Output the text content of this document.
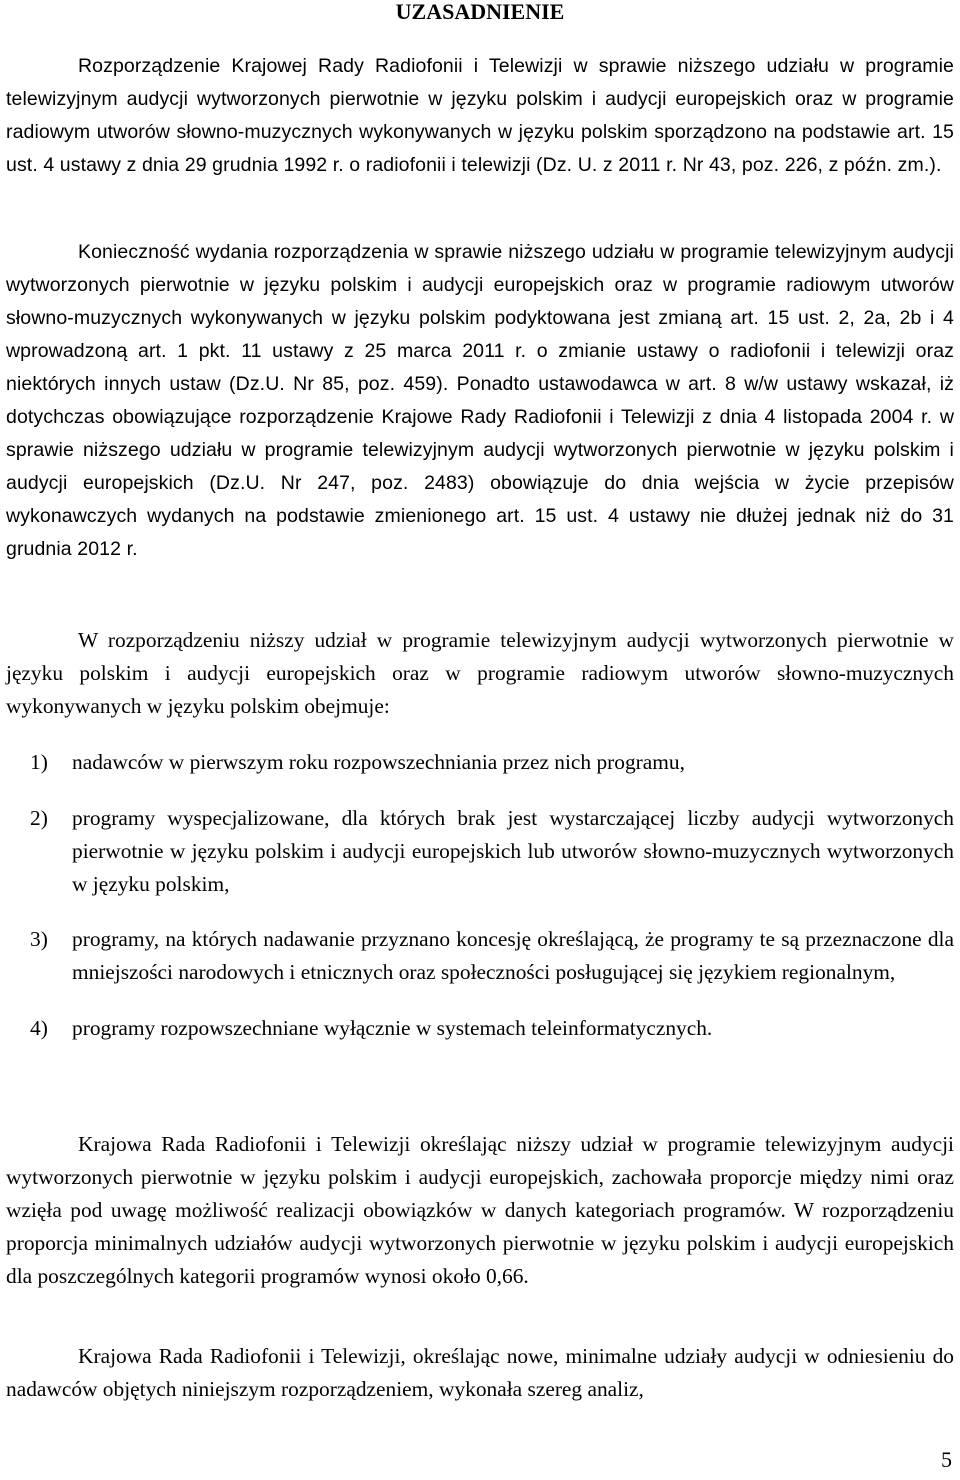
UZASADNIENIE

Rozporządzenie Krajowej Rady Radiofonii i Telewizji w sprawie niższego udziału w programie telewizyjnym audycji wytworzonych pierwotnie w języku polskim i audycji europejskich oraz w programie radiowym utworów słowno-muzycznych wykonywanych w języku polskim sporządzono na podstawie art. 15 ust. 4 ustawy z dnia 29 grudnia 1992 r. o radiofonii i telewizji (Dz. U. z 2011 r. Nr 43, poz. 226, z późn. zm.).

Konieczność wydania rozporządzenia w sprawie niższego udziału w programie telewizyjnym audycji wytworzonych pierwotnie w języku polskim i audycji europejskich oraz w programie radiowym utworów słowno-muzycznych wykonywanych w języku polskim podyktowana jest zmianą art. 15 ust. 2, 2a, 2b i 4 wprowadzoną art. 1 pkt. 11 ustawy z 25 marca 2011 r. o zmianie ustawy o radiofonii i telewizji oraz niektórych innych ustaw (Dz.U. Nr 85, poz. 459). Ponadto ustawodawca w art. 8 w/w ustawy wskazał, iż dotychczas obowiązujące rozporządzenie Krajowe Rady Radiofonii i Telewizji z dnia 4 listopada 2004 r. w sprawie niższego udziału w programie telewizyjnym audycji wytworzonych pierwotnie w języku polskim i audycji europejskich (Dz.U. Nr 247, poz. 2483) obowiązuje do dnia wejścia w życie przepisów wykonawczych wydanych na podstawie zmienionego art. 15 ust. 4 ustawy nie dłużej jednak niż do 31 grudnia 2012 r.

W rozporządzeniu niższy udział w programie telewizyjnym audycji wytworzonych pierwotnie w języku polskim i audycji europejskich oraz w programie radiowym utworów słowno-muzycznych wykonywanych w języku polskim obejmuje:

1) nadawców w pierwszym roku rozpowszechniania przez nich programu,
2) programy wyspecjalizowane, dla których brak jest wystarczającej liczby audycji wytworzonych pierwotnie w języku polskim i audycji europejskich lub utworów słowno-muzycznych wytworzonych w języku polskim,
3) programy, na których nadawanie przyznano koncesję określającą, że programy te są przeznaczone dla mniejszości narodowych i etnicznych oraz społeczności posługującej się językiem regionalnym,
4) programy rozpowszechniane wyłącznie w systemach teleinformatycznych.

Krajowa Rada Radiofonii i Telewizji określając niższy udział w programie telewizyjnym audycji wytworzonych pierwotnie w języku polskim i audycji europejskich, zachowała proporcje między nimi oraz wzięła pod uwagę możliwość realizacji obowiązków w danych kategoriach programów. W rozporządzeniu proporcja minimalnych udziałów audycji wytworzonych pierwotnie w języku polskim i audycji europejskich dla poszczególnych kategorii programów wynosi około 0,66.

Krajowa Rada Radiofonii i Telewizji, określając nowe, minimalne udziały audycji w odniesieniu do nadawców objętych niniejszym rozporządzeniem, wykonała szereg analiz,

5
